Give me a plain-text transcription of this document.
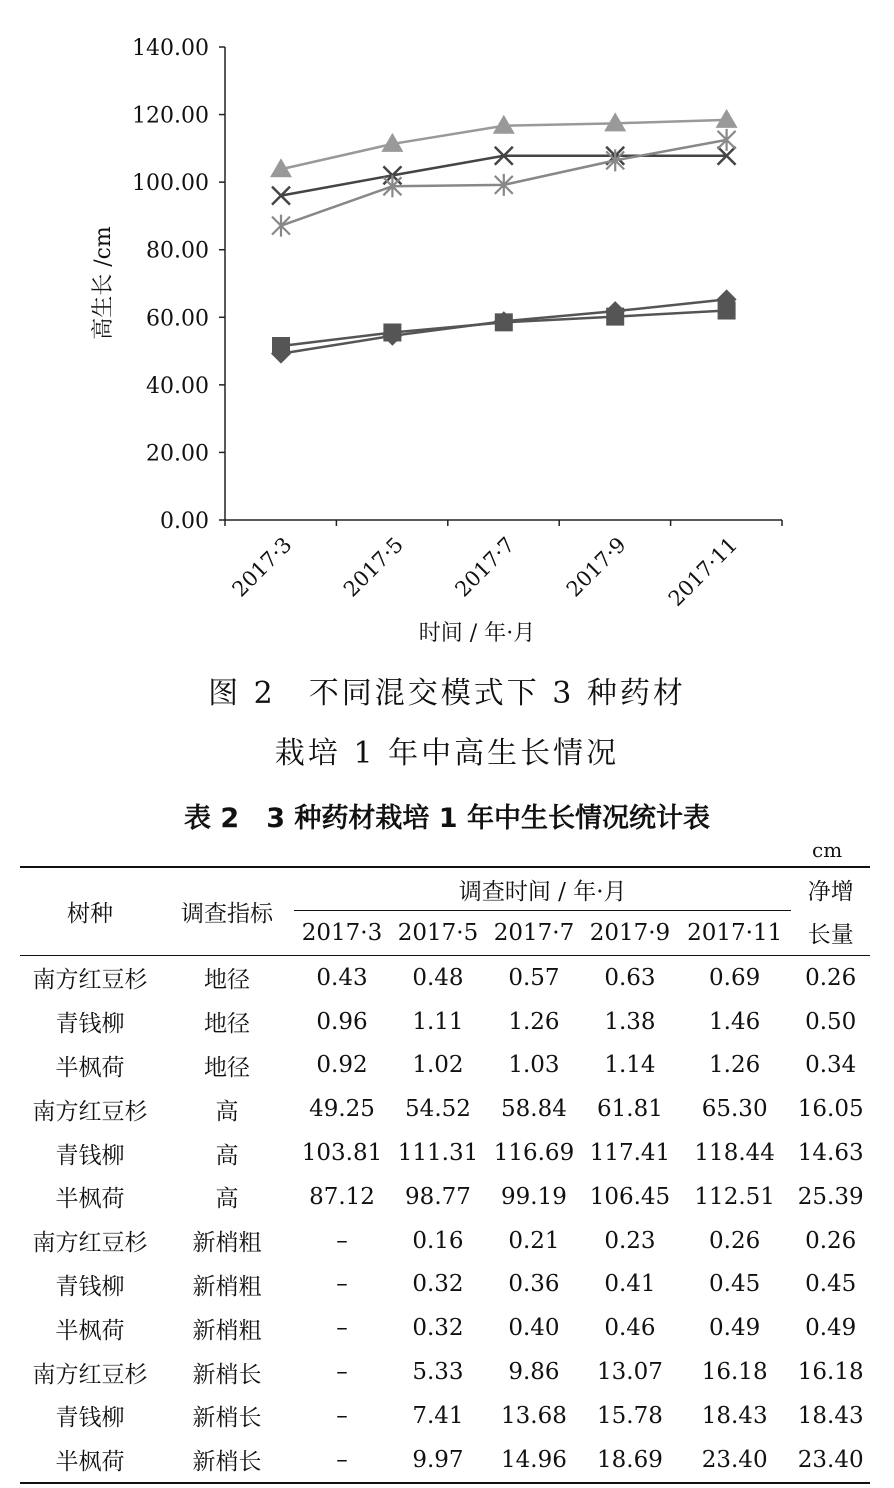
0.00
20.00
40.00
60.00
80.00
100.00
120.00
140.00
2017·3 2017·5 2017·7 2017·9 2017·11
高生长 /cm
时间 / 年·月
图 2　不同混交模式下 3 种药材
栽培 1 年中高生长情况
表 2　3 种药材栽培 1 年中生长情况统计表
cm
树种	调查指标	调查时间 / 年·月					净增
		2017·3	2017·5	2017·7	2017·9	2017·11	长量
南方红豆杉	地径	0.43	0.48	0.57	0.63	0.69	0.26
青钱柳	地径	0.96	1.11	1.26	1.38	1.46	0.50
半枫荷	地径	0.92	1.02	1.03	1.14	1.26	0.34
南方红豆杉	高	49.25	54.52	58.84	61.81	65.30	16.05
青钱柳	高	103.81	111.31	116.69	117.41	118.44	14.63
半枫荷	高	87.12	98.77	99.19	106.45	112.51	25.39
南方红豆杉	新梢粗	–	0.16	0.21	0.23	0.26	0.26
青钱柳	新梢粗	–	0.32	0.36	0.41	0.45	0.45
半枫荷	新梢粗	–	0.32	0.40	0.46	0.49	0.49
南方红豆杉	新梢长	–	5.33	9.86	13.07	16.18	16.18
青钱柳	新梢长	–	7.41	13.68	15.78	18.43	18.43
半枫荷	新梢长	–	9.97	14.96	18.69	23.40	23.40
